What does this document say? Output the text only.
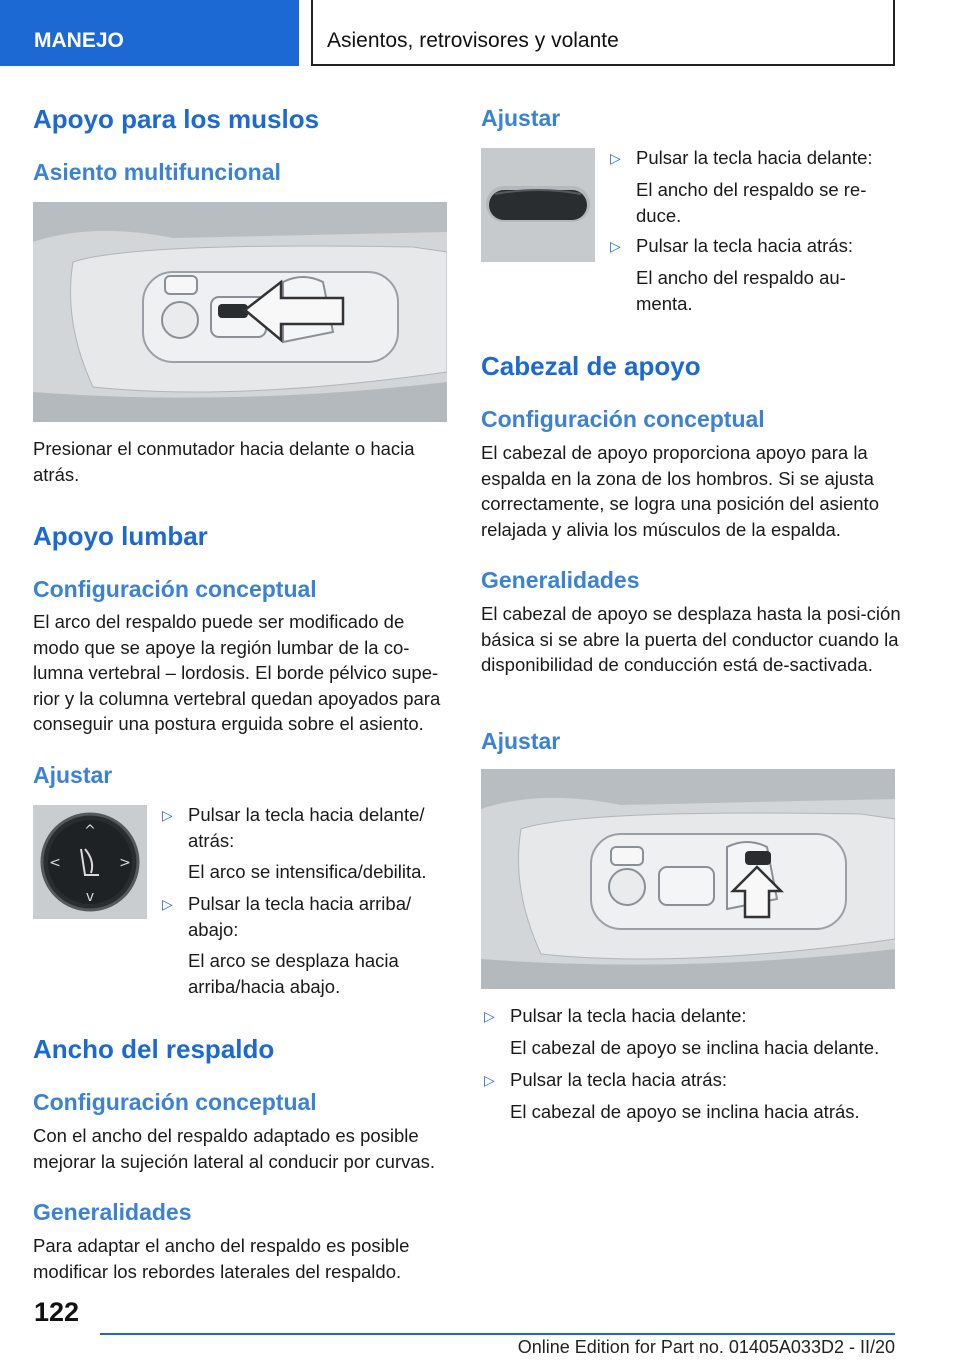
MANEJO	Asientos, retrovisores y volante
Apoyo para los muslos
Asiento multifuncional
Presionar el conmutador hacia delante o hacia atrás.
Apoyo lumbar
Configuración conceptual
El arco del respaldo puede ser modificado de modo que se apoye la región lumbar de la co‐lumna vertebral – lordosis. El borde pélvico supe‐rior y la columna vertebral quedan apoyados para conseguir una postura erguida sobre el asiento.
Ajustar
^
v
<	>
▷ Pulsar la tecla hacia delante/ atrás:
El arco se intensifica/debilita.
▷ Pulsar la tecla hacia arriba/ abajo:
El arco se desplaza hacia arriba/hacia abajo.
Ancho del respaldo
Configuración conceptual
Con el ancho del respaldo adaptado es posible mejorar la sujeción lateral al conducir por curvas.
Generalidades
Para adaptar el ancho del respaldo es posible modificar los rebordes laterales del respaldo.
Ajustar
▷ Pulsar la tecla hacia delante:
El ancho del respaldo se re‐duce.
▷ Pulsar la tecla hacia atrás:
El ancho del respaldo au‐menta.
Cabezal de apoyo
Configuración conceptual
El cabezal de apoyo proporciona apoyo para la espalda en la zona de los hombros. Si se ajusta correctamente, se logra una posición del asiento relajada y alivia los músculos de la espalda.
Generalidades
El cabezal de apoyo se desplaza hasta la posi‐ción básica si se abre la puerta del conductor cuando la disponibilidad de conducción está de‐sactivada.
Ajustar
▷ Pulsar la tecla hacia delante:
El cabezal de apoyo se inclina hacia delante.
▷ Pulsar la tecla hacia atrás:
El cabezal de apoyo se inclina hacia atrás.
122
Online Edition for Part no. 01405A033D2 - II/20
